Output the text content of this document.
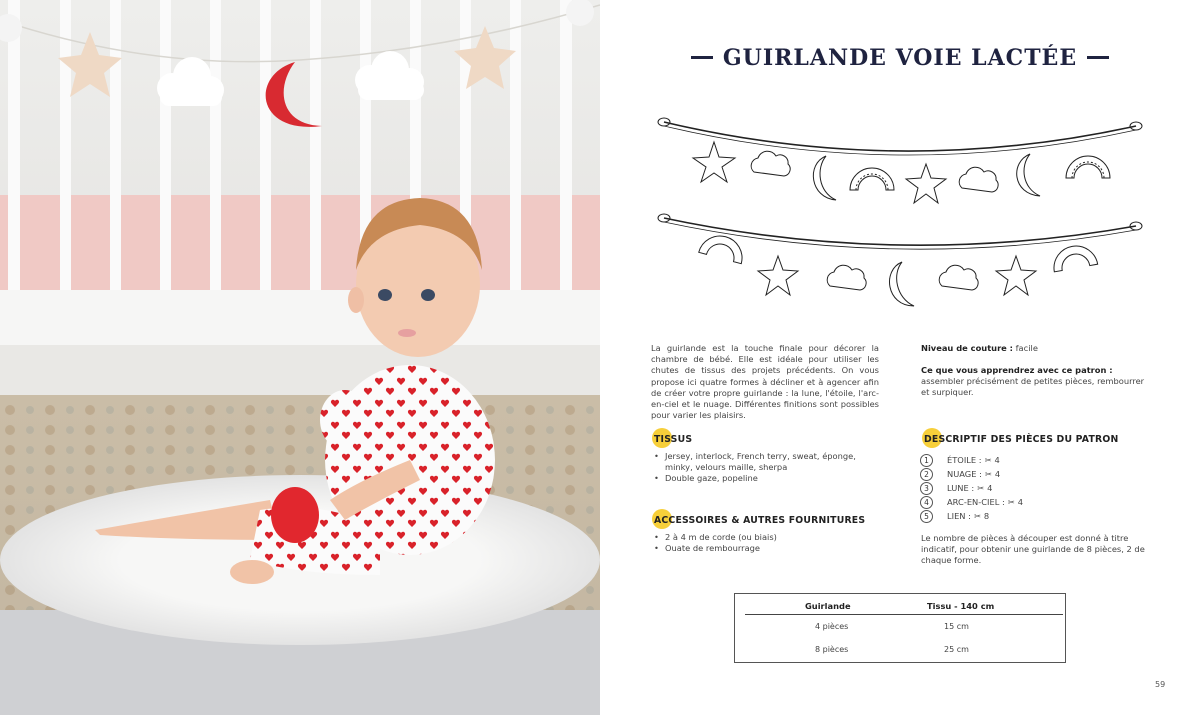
GUIRLANDE VOIE LACTÉE
La guirlande est la touche finale pour décorer la chambre de bébé. Elle est idéale pour utiliser les chutes de tissus des projets précédents. On vous propose ici quatre formes à décliner et à agencer afin de créer votre propre guirlande : la lune, l'étoile, l'arc-en-ciel et le nuage. Différentes finitions sont possibles pour varier les plaisirs.
Niveau de couture : facile
Ce que vous apprendrez avec ce patron : assembler précisément de petites pièces, rembourrer et surpiquer.
TISSUS
• Jersey, interlock, French terry, sweat, éponge, minky, velours maille, sherpa
• Double gaze, popeline
ACCESSOIRES & AUTRES FOURNITURES
• 2 à 4 m de corde (ou biais)
• Ouate de rembourrage
DESCRIPTIF DES PIÈCES DU PATRON
1	ÉTOILE : ✂ 4
2	NUAGE : ✂ 4
3	LUNE : ✂ 4
4	ARC-EN-CIEL : ✂ 4
5	LIEN : ✂ 8
Le nombre de pièces à découper est donné à titre indicatif, pour obtenir une guirlande de 8 pièces, 2 de chaque forme.
Guirlande	Tissu - 140 cm
4 pièces	15 cm
8 pièces	25 cm
59
